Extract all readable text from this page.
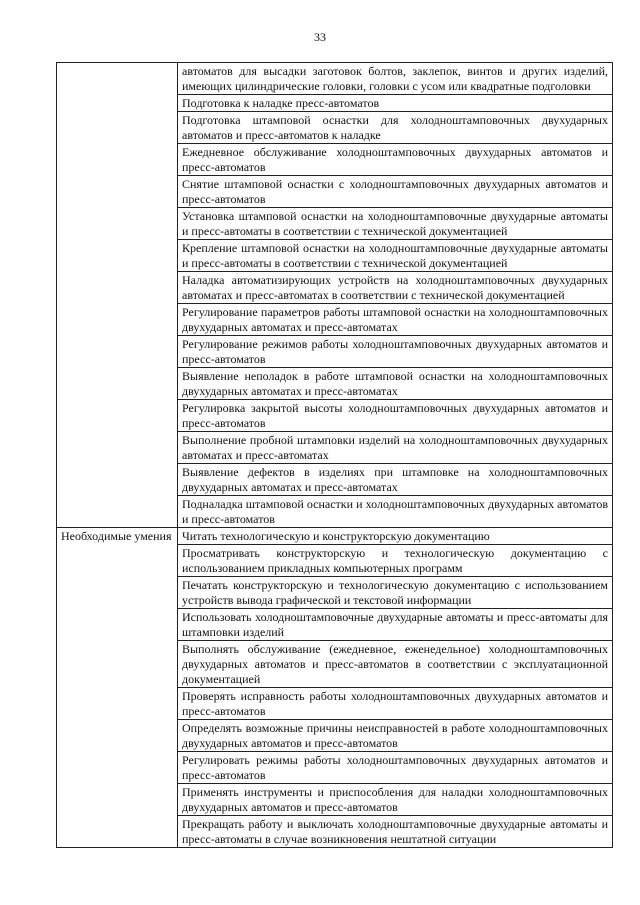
33
	автоматов для высадки заготовок болтов, заклепок, винтов и других изделий, имеющих цилиндрические головки, головки с усом или квадратные подголовки
	Подготовка к наладке пресс-автоматов
	Подготовка штамповой оснастки для холодноштамповочных двухударных автоматов и пресс-автоматов к наладке
	Ежедневное обслуживание холодноштамповочных двухударных автоматов и пресс-автоматов
	Снятие штамповой оснастки с холодноштамповочных двухударных автоматов и пресс-автоматов
	Установка штамповой оснастки на холодноштамповочные двухударные автоматы и пресс-автоматы в соответствии с технической документацией
	Крепление штамповой оснастки на холодноштамповочные двухударные автоматы и пресс-автоматы в соответствии с технической документацией
	Наладка автоматизирующих устройств на холодноштамповочных двухударных автоматах и пресс-автоматах в соответствии с технической документацией
	Регулирование параметров работы штамповой оснастки на холодноштамповочных двухударных автоматах и пресс-автоматах
	Регулирование режимов работы холодноштамповочных двухударных автоматов и пресс-автоматов
	Выявление неполадок в работе штамповой оснастки на холодноштамповочных двухударных автоматах и пресс-автоматах
	Регулировка закрытой высоты холодноштамповочных двухударных автоматов и пресс-автоматов
	Выполнение пробной штамповки изделий на холодноштамповочных двухударных автоматах и пресс-автоматах
	Выявление дефектов в изделиях при штамповке на холодноштамповочных двухударных автоматах и пресс-автоматах
	Подналадка штамповой оснастки и холодноштамповочных двухударных автоматов и пресс-автоматов
Необходимые умения	Читать технологическую и конструкторскую документацию
	Просматривать конструкторскую и технологическую документацию с использованием прикладных компьютерных программ
	Печатать конструкторскую и технологическую документацию с использованием устройств вывода графической и текстовой информации
	Использовать холодноштамповочные двухударные автоматы и пресс-автоматы для штамповки изделий
	Выполнять обслуживание (ежедневное, еженедельное) холодноштамповочных двухударных автоматов и пресс-автоматов в соответствии с эксплуатационной документацией
	Проверять исправность работы холодноштамповочных двухударных автоматов и пресс-автоматов
	Определять возможные причины неисправностей в работе холодноштамповочных двухударных автоматов и пресс-автоматов
	Регулировать режимы работы холодноштамповочных двухударных автоматов и пресс-автоматов
	Применять инструменты и приспособления для наладки холодноштамповочных двухударных автоматов и пресс-автоматов
	Прекращать работу и выключать холодноштамповочные двухударные автоматы и пресс-автоматы в случае возникновения нештатной ситуации
